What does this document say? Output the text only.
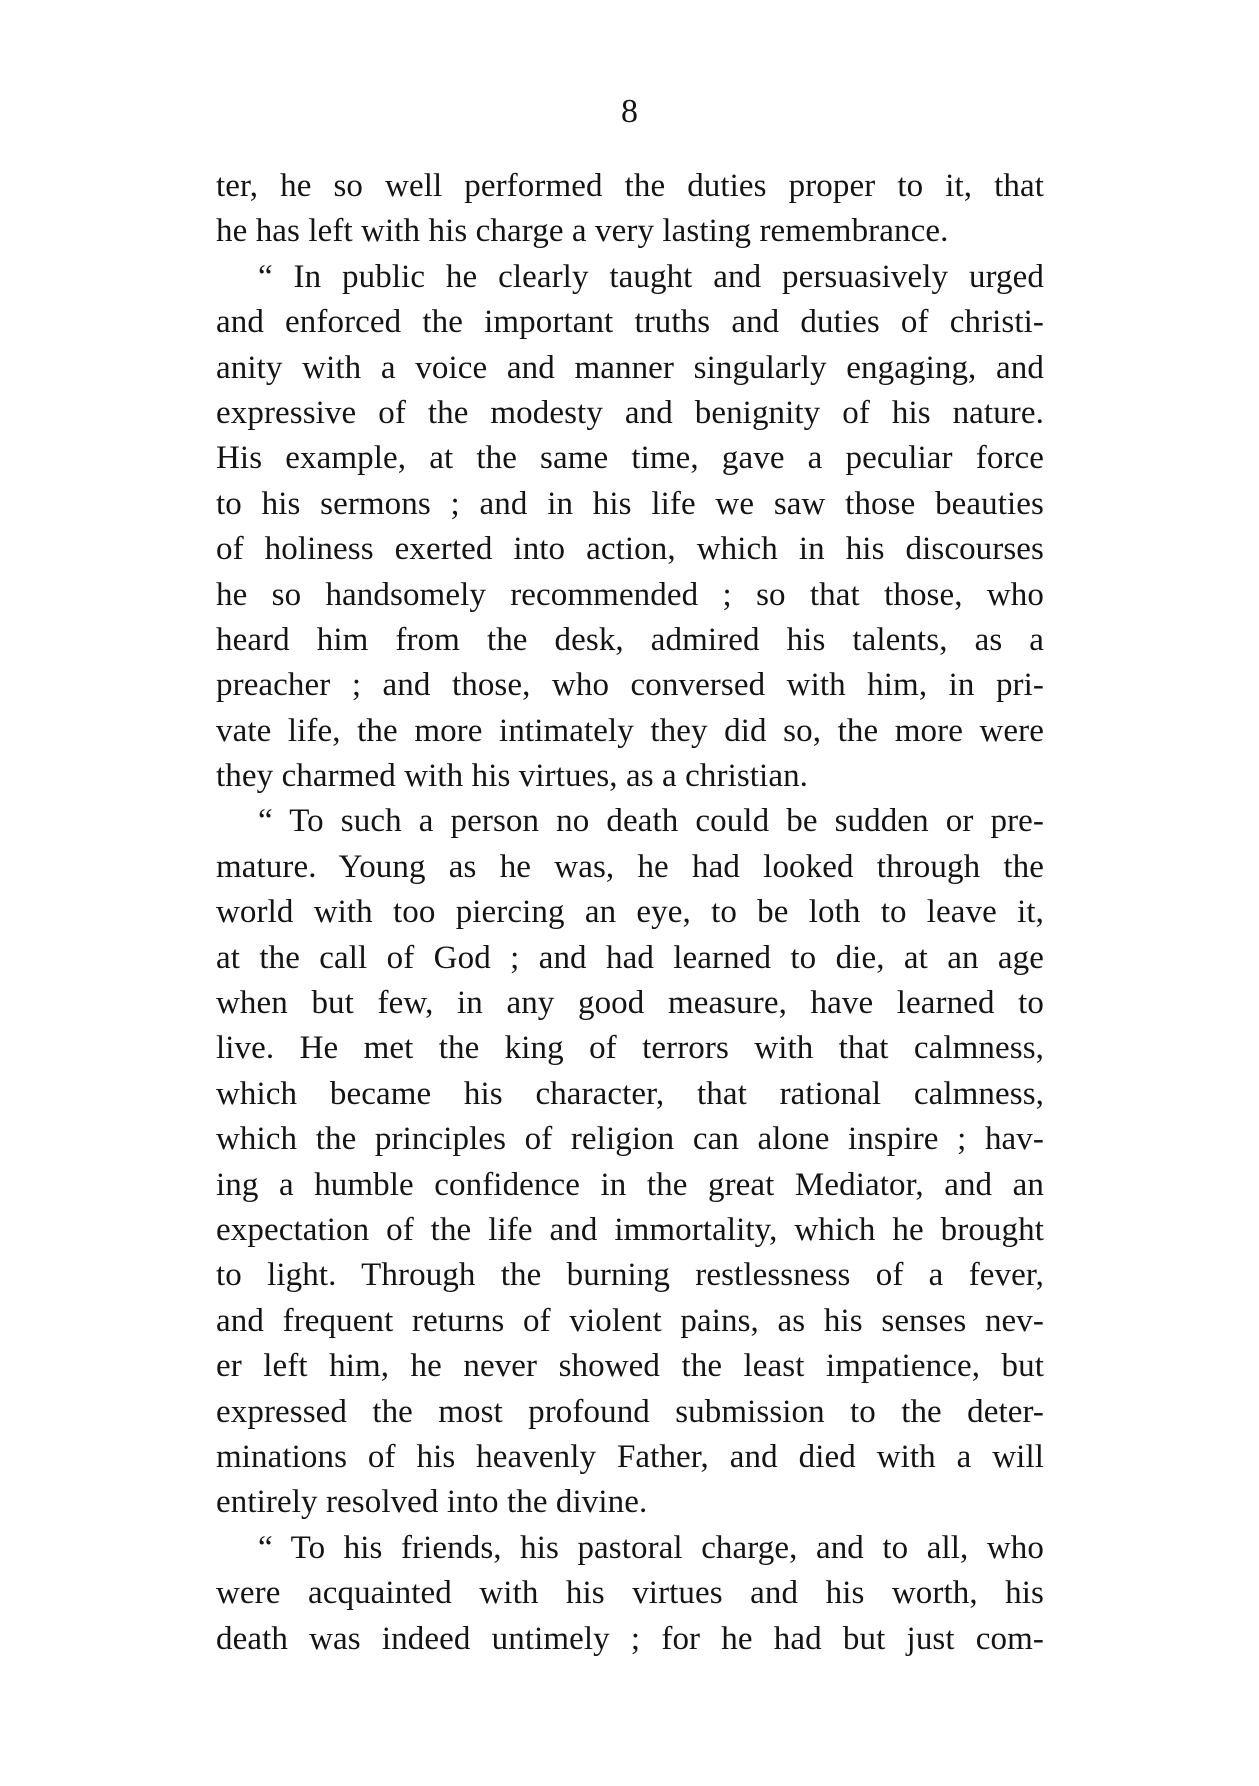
8
ter, he so well performed the duties proper to it, that
he has left with his charge a very lasting remembrance.
“ In public he clearly taught and persuasively urged
and enforced the important truths and duties of christi-
anity with a voice and manner singularly engaging, and
expressive of the modesty and benignity of his nature.
His example, at the same time, gave a peculiar force
to his sermons ; and in his life we saw those beauties
of holiness exerted into action, which in his discourses
he so handsomely recommended ; so that those, who
heard him from the desk, admired his talents, as a
preacher ; and those, who conversed with him, in pri-
vate life, the more intimately they did so, the more were
they charmed with his virtues, as a christian.
“ To such a person no death could be sudden or pre-
mature. Young as he was, he had looked through the
world with too piercing an eye, to be loth to leave it,
at the call of God ; and had learned to die, at an age
when but few, in any good measure, have learned to
live. He met the king of terrors with that calmness,
which became his character, that rational calmness,
which the principles of religion can alone inspire ; hav-
ing a humble confidence in the great Mediator, and an
expectation of the life and immortality, which he brought
to light. Through the burning restlessness of a fever,
and frequent returns of violent pains, as his senses nev-
er left him, he never showed the least impatience, but
expressed the most profound submission to the deter-
minations of his heavenly Father, and died with a will
entirely resolved into the divine.
“ To his friends, his pastoral charge, and to all, who
were acquainted with his virtues and his worth, his
death was indeed untimely ; for he had but just com-
